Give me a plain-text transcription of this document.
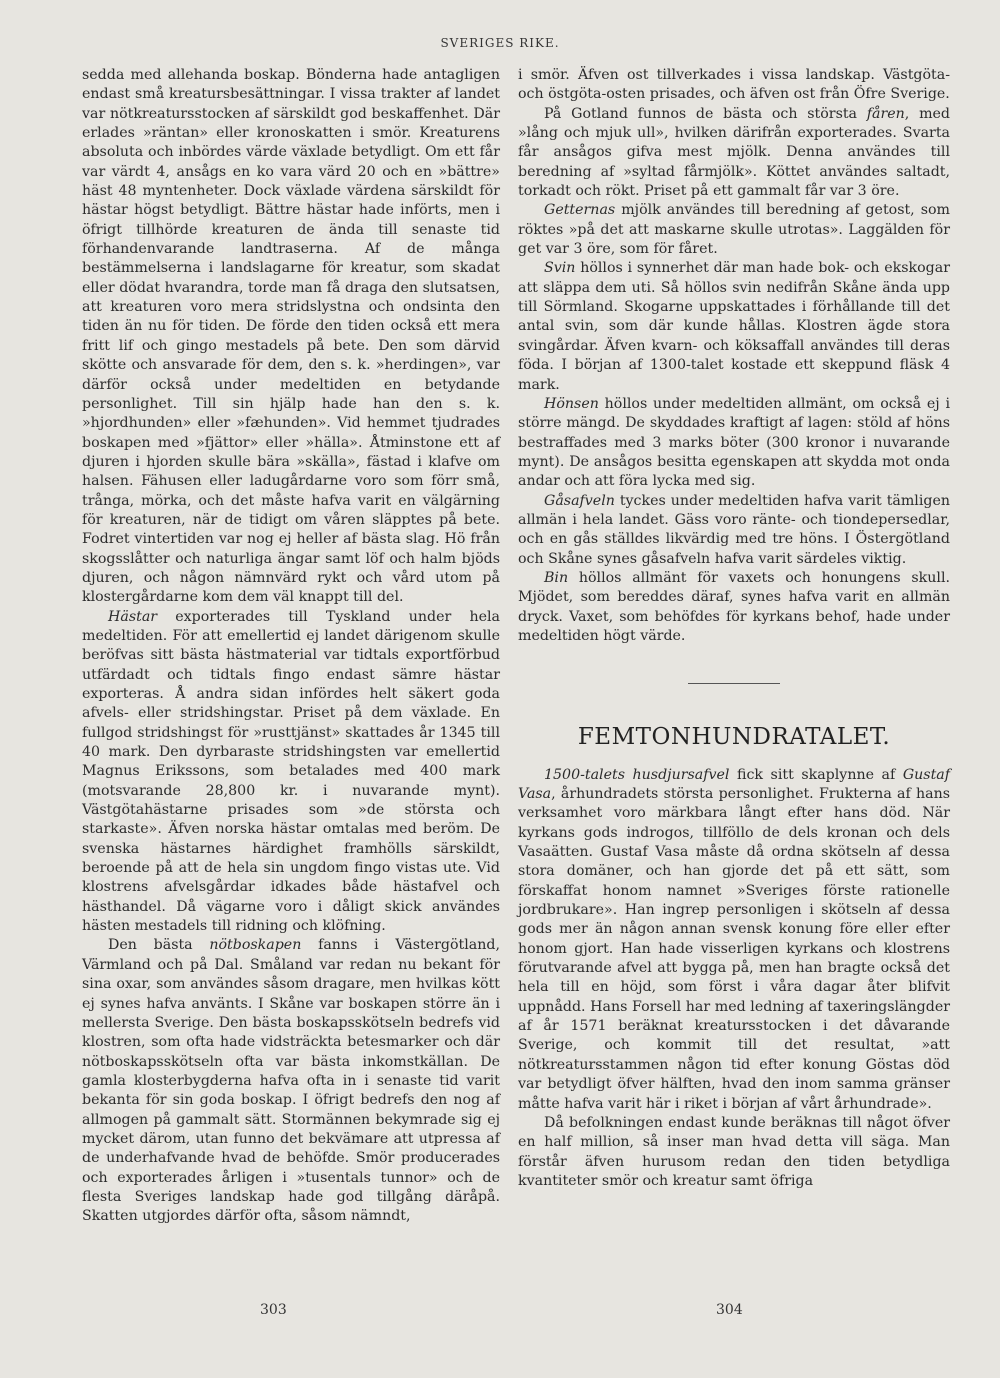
SVERIGES RIKE.

sedda med allehanda boskap. Bönderna hade antagligen endast små kreatursbesättningar. I vissa trakter af landet var nötkreatursstocken af särskildt god beskaffenhet. Där erlades »räntan» eller kronoskatten i smör. Kreaturens absoluta och inbördes värde växlade betydligt. Om ett får var värdt 4, ansågs en ko vara värd 20 och en »bättre» häst 48 myntenheter. Dock växlade värdena särskildt för hästar högst betydligt. Bättre hästar hade införts, men i öfrigt tillhörde kreaturen de ända till senaste tid förhandenvarande landtraserna. Af de många bestämmelserna i landslagarne för kreatur, som skadat eller dödat hvarandra, torde man få draga den slutsatsen, att kreaturen voro mera stridslystna och ondsinta den tiden än nu för tiden. De förde den tiden också ett mera fritt lif och gingo mestadels på bete. Den som därvid skötte och ansvarade för dem, den s. k. »herdingen», var därför också under medeltiden en betydande personlighet. Till sin hjälp hade han den s. k. »hjordhunden» eller »fæhunden». Vid hemmet tjudrades boskapen med »fjättor» eller »hälla». Åtminstone ett af djuren i hjorden skulle bära »skälla», fästad i klafve om halsen. Fähusen eller ladugårdarne voro som förr små, trånga, mörka, och det måste hafva varit en välgärning för kreaturen, när de tidigt om våren släpptes på bete. Fodret vintertiden var nog ej heller af bästa slag. Hö från skogsslåtter och naturliga ängar samt löf och halm bjöds djuren, och någon nämnvärd rykt och vård utom på klostergårdarne kom dem väl knappt till del.

Hästar exporterades till Tyskland under hela medeltiden. För att emellertid ej landet därigenom skulle beröfvas sitt bästa hästmaterial var tidtals exportförbud utfärdadt och tidtals fingo endast sämre hästar exporteras. Å andra sidan infördes helt säkert goda afvels- eller stridshingstar. Priset på dem växlade. En fullgod stridshingst för »rusttjänst» skattades år 1345 till 40 mark. Den dyrbaraste stridshingsten var emellertid Magnus Erikssons, som betalades med 400 mark (motsvarande 28,800 kr. i nuvarande mynt). Västgötahästarne prisades som »de största och starkaste». Äfven norska hästar omtalas med beröm. De svenska hästarnes härdighet framhölls särskildt, beroende på att de hela sin ungdom fingo vistas ute. Vid klostrens afvelsgårdar idkades både hästafvel och hästhandel. Då vägarne voro i dåligt skick användes hästen mestadels till ridning och klöfning.

Den bästa nötboskapen fanns i Västergötland, Värmland och på Dal. Småland var redan nu bekant för sina oxar, som användes såsom dragare, men hvilkas kött ej synes hafva använts. I Skåne var boskapen större än i mellersta Sverige. Den bästa boskapsskötseln bedrefs vid klostren, som ofta hade vidsträckta betesmarker och där nötboskapsskötseln ofta var bästa inkomstkällan. De gamla klosterbygderna hafva ofta in i senaste tid varit bekanta för sin goda boskap. I öfrigt bedrefs den nog af allmogen på gammalt sätt. Stormännen bekymrade sig ej mycket därom, utan funno det bekvämare att utpressa af de underhafvande hvad de behöfde. Smör producerades och exporterades årligen i »tusentals tunnor» och de flesta Sveriges landskap hade god tillgång däråpå. Skatten utgjordes därför ofta, såsom nämndt,

i smör. Äfven ost tillverkades i vissa landskap. Västgöta- och östgöta-osten prisades, och äfven ost från Öfre Sverige.

På Gotland funnos de bästa och största fåren, med »lång och mjuk ull», hvilken därifrån exporterades. Svarta får ansågos gifva mest mjölk. Denna användes till beredning af »syltad fårmjölk». Köttet användes saltadt, torkadt och rökt. Priset på ett gammalt får var 3 öre.

Getternas mjölk användes till beredning af getost, som röktes »på det att maskarne skulle utrotas». Laggälden för get var 3 öre, som för fåret.

Svin höllos i synnerhet där man hade bok- och ekskogar att släppa dem uti. Så höllos svin nedifrån Skåne ända upp till Sörmland. Skogarne uppskattades i förhållande till det antal svin, som där kunde hållas. Klostren ägde stora svingårdar. Äfven kvarn- och köksaffall användes till deras föda. I början af 1300-talet kostade ett skeppund fläsk 4 mark.

Hönsen höllos under medeltiden allmänt, om också ej i större mängd. De skyddades kraftigt af lagen: stöld af höns bestraffades med 3 marks böter (300 kronor i nuvarande mynt). De ansågos besitta egenskapen att skydda mot onda andar och att föra lycka med sig.

Gåsafveln tyckes under medeltiden hafva varit tämligen allmän i hela landet. Gäss voro ränte- och tiondepersedlar, och en gås ställdes likvärdig med tre höns. I Östergötland och Skåne synes gåsafveln hafva varit särdeles viktig.

Bin höllos allmänt för vaxets och honungens skull. Mjödet, som bereddes däraf, synes hafva varit en allmän dryck. Vaxet, som behöfdes för kyrkans behof, hade under medeltiden högt värde.

FEMTONHUNDRATALET.

1500-talets husdjursafvel fick sitt skaplynne af Gustaf Vasa, århundradets största personlighet. Frukterna af hans verksamhet voro märkbara långt efter hans död. När kyrkans gods indrogos, tillföllo de dels kronan och dels Vasaätten. Gustaf Vasa måste då ordna skötseln af dessa stora domäner, och han gjorde det på ett sätt, som förskaffat honom namnet »Sveriges förste rationelle jordbrukare». Han ingrep personligen i skötseln af dessa gods mer än någon annan svensk konung före eller efter honom gjort. Han hade visserligen kyrkans och klostrens förutvarande afvel att bygga på, men han bragte också det hela till en höjd, som först i våra dagar åter blifvit uppnådd. Hans Forsell har med ledning af taxeringslängder af år 1571 beräknat kreatursstocken i det dåvarande Sverige, och kommit till det resultat, »att nötkreatursstammen någon tid efter konung Göstas död var betydligt öfver hälften, hvad den inom samma gränser måtte hafva varit här i riket i början af vårt århundrade».

Då befolkningen endast kunde beräknas till något öfver en half million, så inser man hvad detta vill säga. Man förstår äfven hurusom redan den tiden betydliga kvantiteter smör och kreatur samt öfriga

303	304
